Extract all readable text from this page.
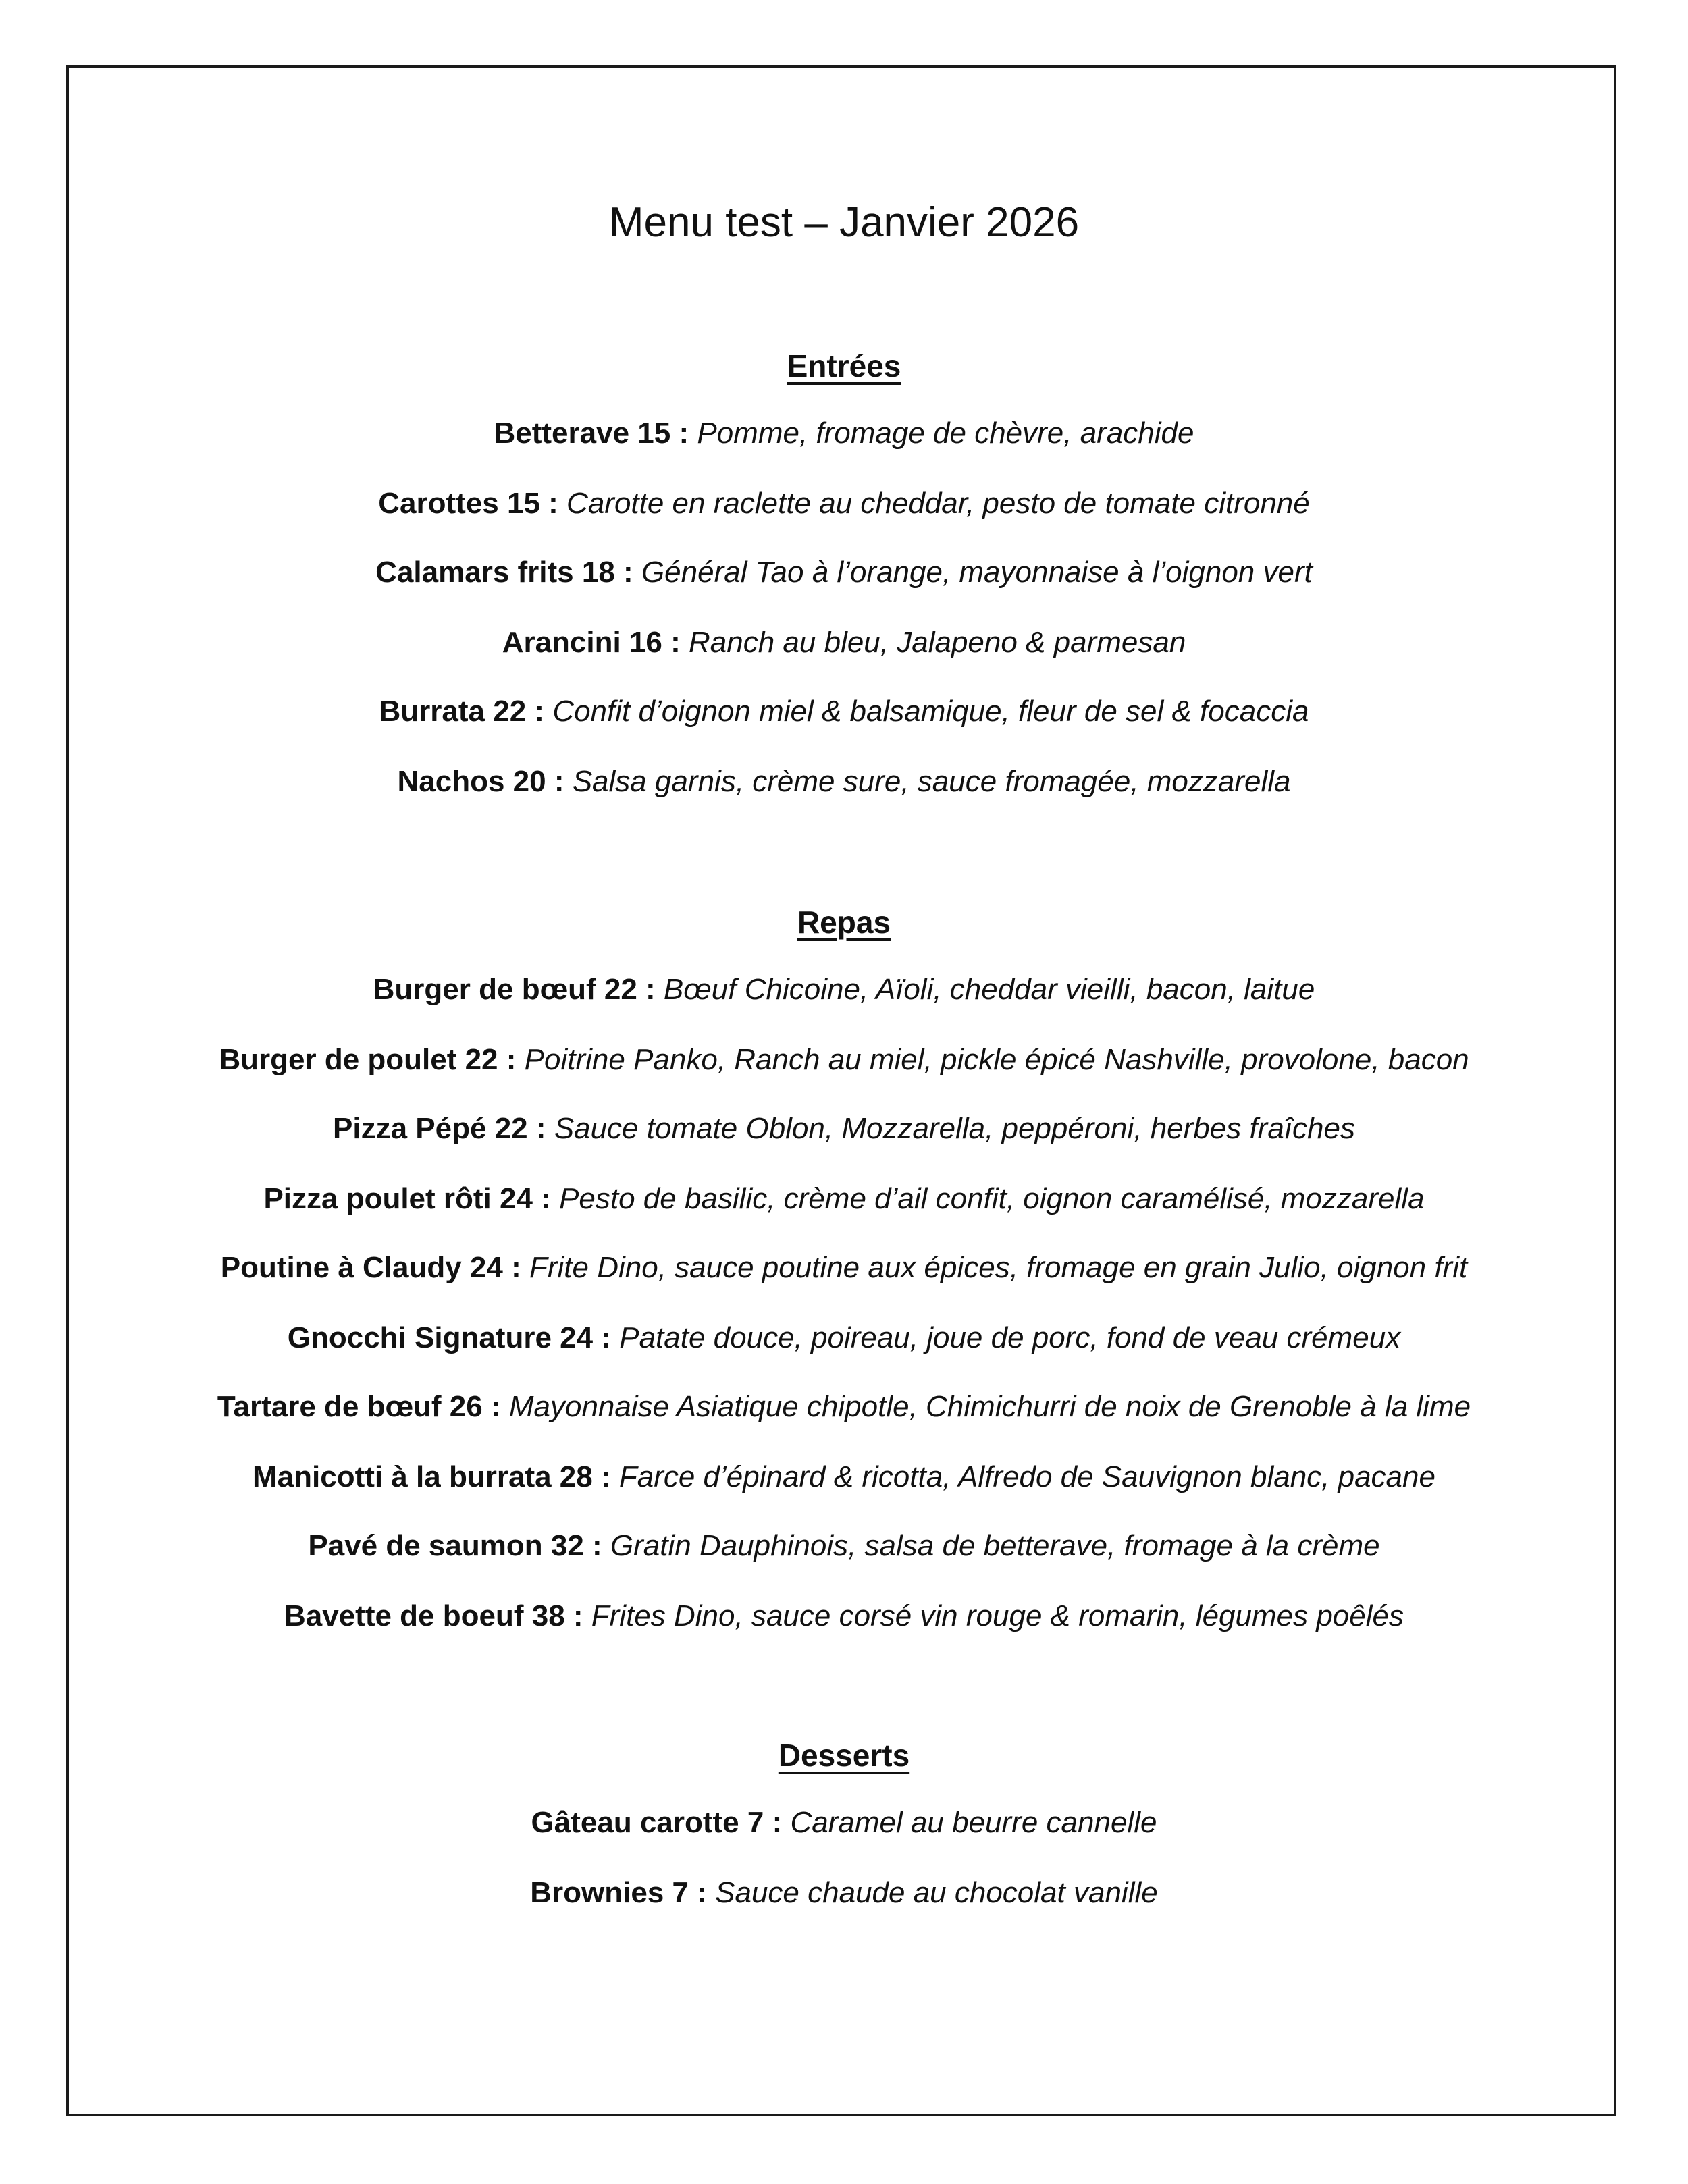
Menu test – Janvier 2026
Entrées
Betterave 15 : Pomme, fromage de chèvre, arachide
Carottes 15 : Carotte en raclette au cheddar, pesto de tomate citronné
Calamars frits 18 : Général Tao à l’orange, mayonnaise à l’oignon vert
Arancini 16 : Ranch au bleu, Jalapeno & parmesan
Burrata 22 : Confit d’oignon miel & balsamique, fleur de sel & focaccia
Nachos 20 : Salsa garnis, crème sure, sauce fromagée, mozzarella
Repas
Burger de bœuf 22 : Bœuf Chicoine, Aïoli, cheddar vieilli, bacon, laitue
Burger de poulet 22 : Poitrine Panko, Ranch au miel, pickle épicé Nashville, provolone, bacon
Pizza Pépé 22 : Sauce tomate Oblon, Mozzarella, peppéroni, herbes fraîches
Pizza poulet rôti 24 : Pesto de basilic, crème d’ail confit, oignon caramélisé, mozzarella
Poutine à Claudy 24 : Frite Dino, sauce poutine aux épices, fromage en grain Julio, oignon frit
Gnocchi Signature 24 : Patate douce, poireau, joue de porc, fond de veau crémeux
Tartare de bœuf 26 : Mayonnaise Asiatique chipotle, Chimichurri de noix de Grenoble à la lime
Manicotti à la burrata 28 : Farce d’épinard & ricotta, Alfredo de Sauvignon blanc, pacane
Pavé de saumon 32 : Gratin Dauphinois, salsa de betterave, fromage à la crème
Bavette de boeuf 38 : Frites Dino, sauce corsé vin rouge & romarin, légumes poêlés
Desserts
Gâteau carotte 7 : Caramel au beurre cannelle
Brownies 7 : Sauce chaude au chocolat vanille
